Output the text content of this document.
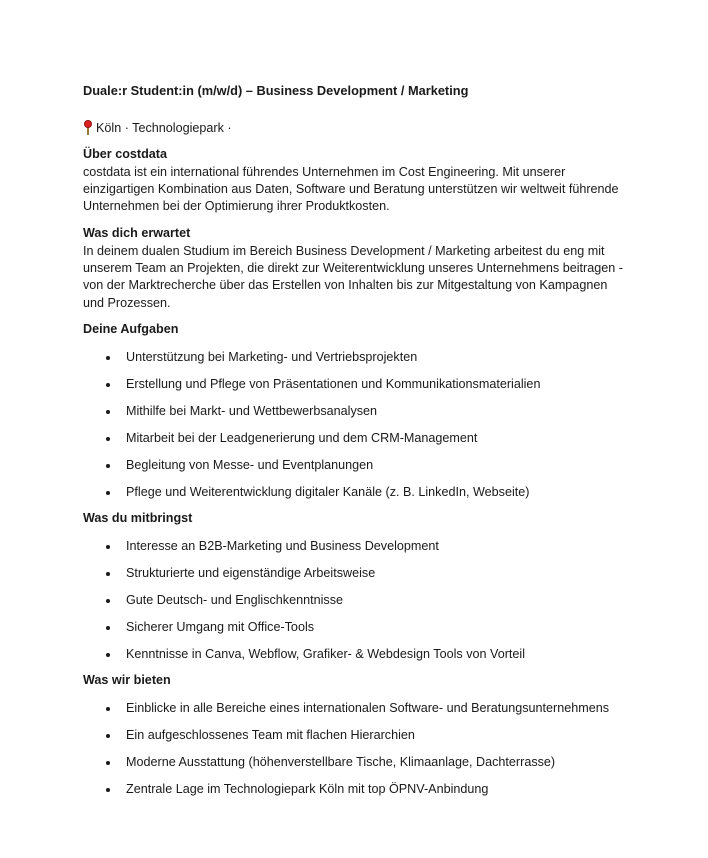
Duale:r Student:in (m/w/d) – Business Development / Marketing
Köln · Technologiepark ·
Über costdata
costdata ist ein international führendes Unternehmen im Cost Engineering. Mit unserer
einzigartigen Kombination aus Daten, Software und Beratung unterstützen wir weltweit führende
Unternehmen bei der Optimierung ihrer Produktkosten.
Was dich erwartet
In deinem dualen Studium im Bereich Business Development / Marketing arbeitest du eng mit
unserem Team an Projekten, die direkt zur Weiterentwicklung unseres Unternehmens beitragen -
von der Marktrecherche über das Erstellen von Inhalten bis zur Mitgestaltung von Kampagnen
und Prozessen.
Deine Aufgaben
Unterstützung bei Marketing- und Vertriebsprojekten
Erstellung und Pflege von Präsentationen und Kommunikationsmaterialien
Mithilfe bei Markt- und Wettbewerbsanalysen
Mitarbeit bei der Leadgenerierung und dem CRM-Management
Begleitung von Messe- und Eventplanungen
Pflege und Weiterentwicklung digitaler Kanäle (z. B. LinkedIn, Webseite)
Was du mitbringst
Interesse an B2B-Marketing und Business Development
Strukturierte und eigenständige Arbeitsweise
Gute Deutsch- und Englischkenntnisse
Sicherer Umgang mit Office-Tools
Kenntnisse in Canva, Webflow, Grafiker- & Webdesign Tools von Vorteil
Was wir bieten
Einblicke in alle Bereiche eines internationalen Software- und Beratungsunternehmens
Ein aufgeschlossenes Team mit flachen Hierarchien
Moderne Ausstattung (höhenverstellbare Tische, Klimaanlage, Dachterrasse)
Zentrale Lage im Technologiepark Köln mit top ÖPNV-Anbindung
